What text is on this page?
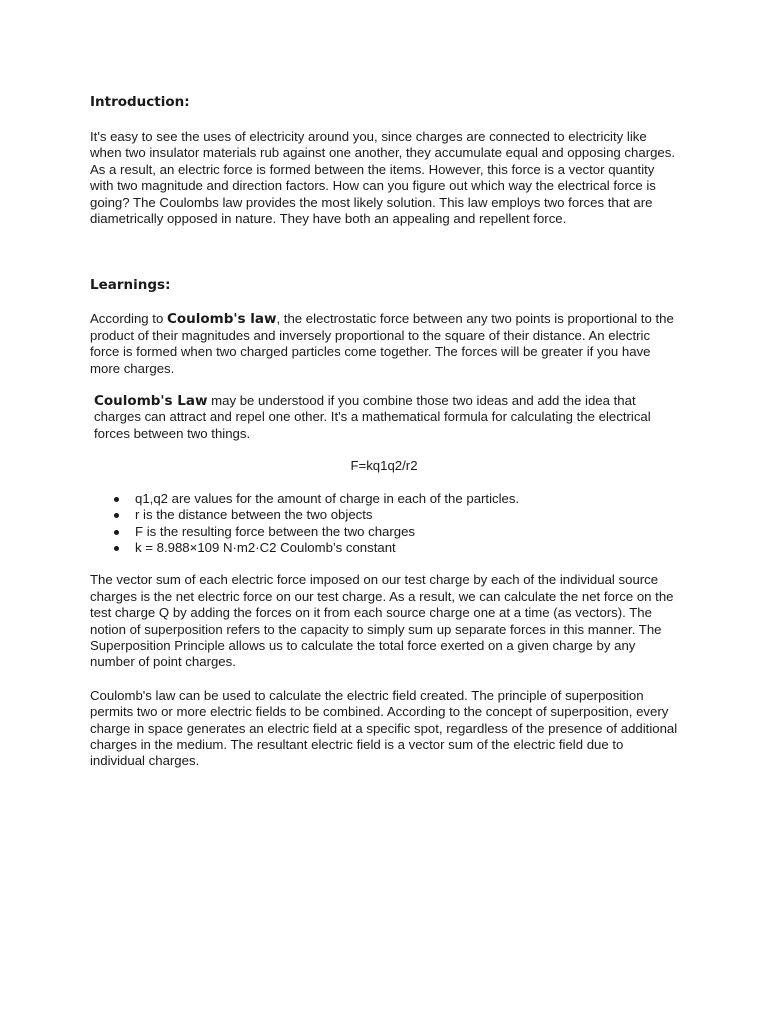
Introduction:

It's easy to see the uses of electricity around you, since charges are connected to electricity like when two insulator materials rub against one another, they accumulate equal and opposing charges. As a result, an electric force is formed between the items. However, this force is a vector quantity with two magnitude and direction factors. How can you figure out which way the electrical force is going? The Coulombs law provides the most likely solution. This law employs two forces that are diametrically opposed in nature. They have both an appealing and repellent force.

Learnings:

According to Coulomb's law, the electrostatic force between any two points is proportional to the product of their magnitudes and inversely proportional to the square of their distance. An electric force is formed when two charged particles come together. The forces will be greater if you have more charges.

Coulomb's Law may be understood if you combine those two ideas and add the idea that charges can attract and repel one other. It's a mathematical formula for calculating the electrical forces between two things.

F=kq1q2/r2

q1,q2 are values for the amount of charge in each of the particles.
r is the distance between the two objects
F is the resulting force between the two charges
k = 8.988×109 N·m2·C2 Coulomb’s constant

The vector sum of each electric force imposed on our test charge by each of the individual source charges is the net electric force on our test charge. As a result, we can calculate the net force on the test charge Q by adding the forces on it from each source charge one at a time (as vectors). The notion of superposition refers to the capacity to simply sum up separate forces in this manner. The Superposition Principle allows us to calculate the total force exerted on a given charge by any number of point charges.

Coulomb's law can be used to calculate the electric field created. The principle of superposition permits two or more electric fields to be combined. According to the concept of superposition, every charge in space generates an electric field at a specific spot, regardless of the presence of additional charges in the medium. The resultant electric field is a vector sum of the electric field due to individual charges.
